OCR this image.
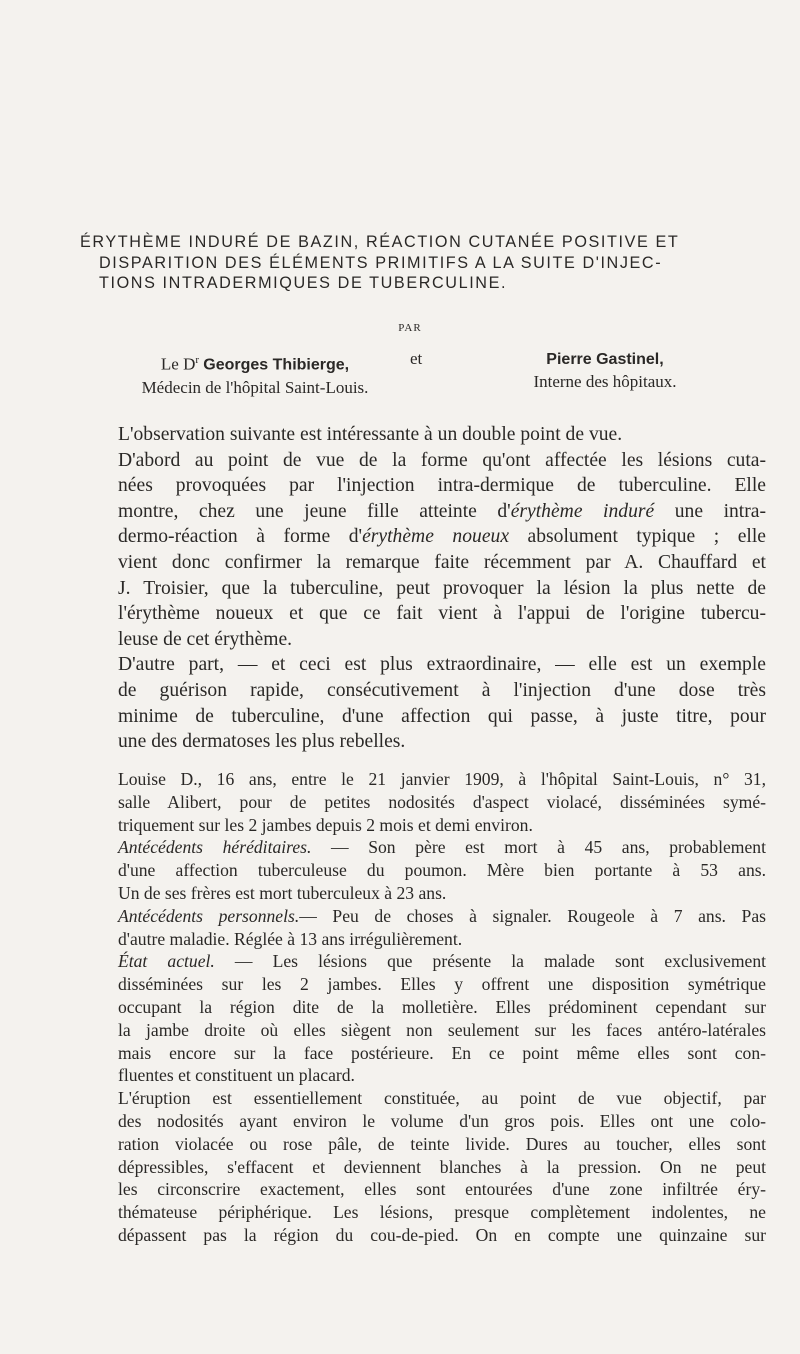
ÉRYTHÈME INDURÉ DE BAZIN, RÉACTION CUTANÉE POSITIVE ET
DISPARITION DES ÉLÉMENTS PRIMITIFS A LA SUITE D'INJEC-
TIONS INTRADERMIQUES DE TUBERCULINE.
PAR
Le $D^r$ Georges Thibierge,
Médecin de l'hôpital Saint-Louis.
et	Pierre Gastinel,
Interne des hôpitaux.
L'observation suivante est intéressante à un double point de vue.
D'abord au point de vue de la forme qu'ont affectée les lésions cuta-
nées provoquées par l'injection intra-dermique de tuberculine. Elle
montre, chez une jeune fille atteinte d'érythème induré une intra-
dermo-réaction à forme d'érythème noueux absolument typique ; elle
vient donc confirmer la remarque faite récemment par A. Chauffard et
J. Troisier, que la tuberculine, peut provoquer la lésion la plus nette de
l'érythème noueux et que ce fait vient à l'appui de l'origine tubercu-
leuse de cet érythème.
D'autre part, — et ceci est plus extraordinaire, — elle est un exemple
de guérison rapide, consécutivement à l'injection d'une dose très
minime de tuberculine, d'une affection qui passe, à juste titre, pour
une des dermatoses les plus rebelles.
Louise D., 16 ans, entre le 21 janvier 1909, à l'hôpital Saint-Louis, n° 31,
salle Alibert, pour de petites nodosités d'aspect violacé, disséminées symé-
triquement sur les 2 jambes depuis 2 mois et demi environ.
Antécédents héréditaires. — Son père est mort à 45 ans, probablement
d'une affection tuberculeuse du poumon. Mère bien portante à 53 ans.
Un de ses frères est mort tuberculeux à 23 ans.
Antécédents personnels.— Peu de choses à signaler. Rougeole à 7 ans. Pas
d'autre maladie. Réglée à 13 ans irrégulièrement.
État actuel. — Les lésions que présente la malade sont exclusivement
disséminées sur les 2 jambes. Elles y offrent une disposition symétrique
occupant la région dite de la molletière. Elles prédominent cependant sur
la jambe droite où elles siègent non seulement sur les faces antéro-latérales
mais encore sur la face postérieure. En ce point même elles sont con-
fluentes et constituent un placard.
L'éruption est essentiellement constituée, au point de vue objectif, par
des nodosités ayant environ le volume d'un gros pois. Elles ont une colo-
ration violacée ou rose pâle, de teinte livide. Dures au toucher, elles sont
dépressibles, s'effacent et deviennent blanches à la pression. On ne peut
les circonscrire exactement, elles sont entourées d'une zone infiltrée éry-
thémateuse périphérique. Les lésions, presque complètement indolentes, ne
dépassent pas la région du cou-de-pied. On en compte une quinzaine sur
